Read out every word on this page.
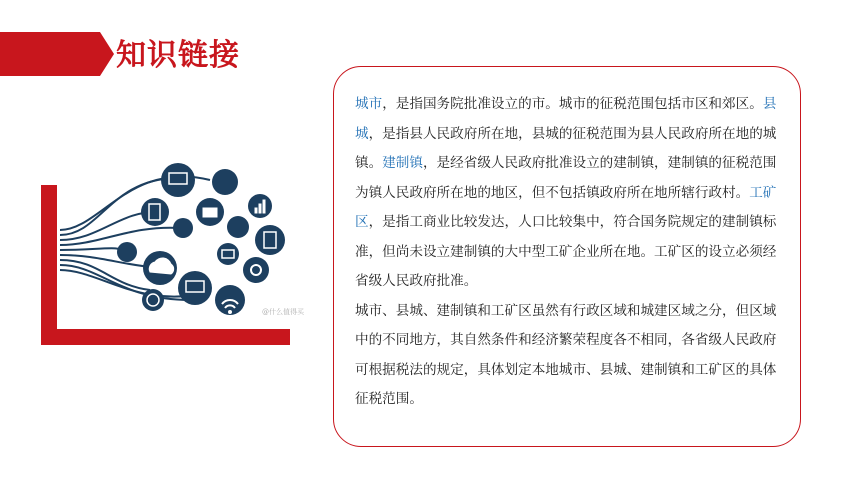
知识链接
@什么值得买

城市，是指国务院批准设立的市。城市的征税范围包括市区和郊区。县城，是指县人民政府所在地，县城的征税范围为县人民政府所在地的城镇。建制镇，是经省级人民政府批准设立的建制镇，建制镇的征税范围为镇人民政府所在地的地区，但不包括镇政府所在地所辖行政村。工矿区，是指工商业比较发达，人口比较集中，符合国务院规定的建制镇标准，但尚未设立建制镇的大中型工矿企业所在地。工矿区的设立必须经省级人民政府批准。

城市、县城、建制镇和工矿区虽然有行政区域和城建区域之分，但区域中的不同地方，其自然条件和经济繁荣程度各不相同，各省级人民政府可根据税法的规定，具体划定本地城市、县城、建制镇和工矿区的具体征税范围。
